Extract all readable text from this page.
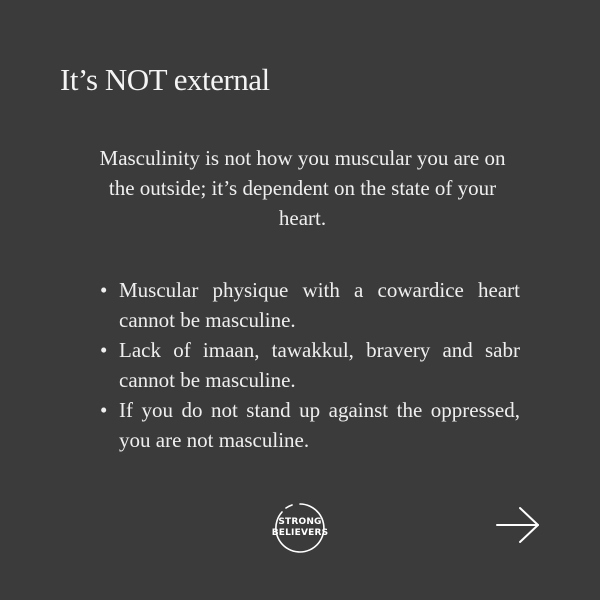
It’s NOT external
Masculinity is not how you muscular you are on the outside; it’s dependent on the state of your heart.
• Muscular physique with a cowardice heart cannot be masculine.
• Lack of imaan, tawakkul, bravery and sabr cannot be masculine.
• If you do not stand up against the oppressed, you are not masculine.
STRONG
BELIEVERS
